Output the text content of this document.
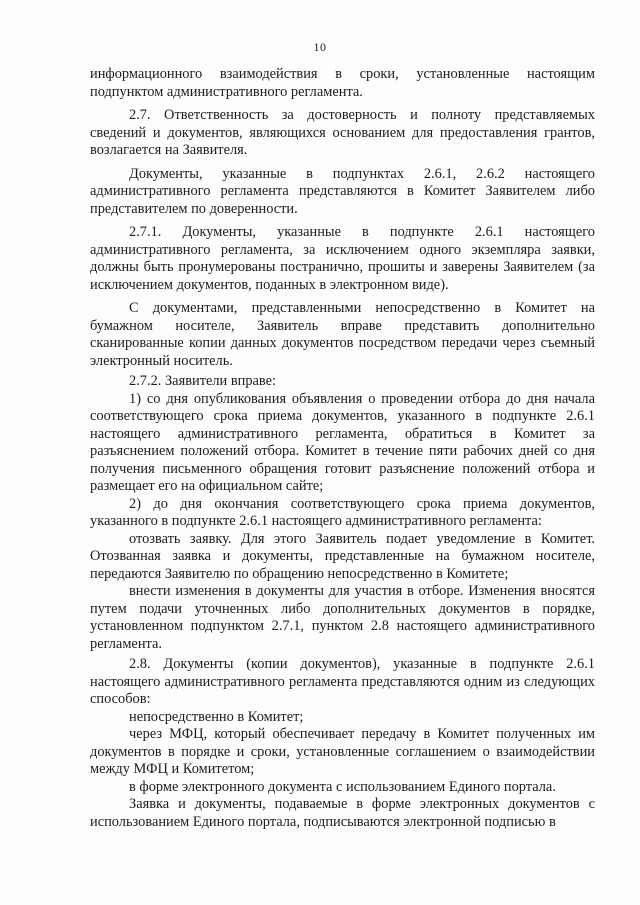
10

информационного взаимодействия в сроки, установленные настоящим подпунктом административного регламента.

2.7. Ответственность за достоверность и полноту представляемых сведений и документов, являющихся основанием для предоставления грантов, возлагается на Заявителя.

Документы, указанные в подпунктах 2.6.1, 2.6.2 настоящего административного регламента представляются в Комитет Заявителем либо представителем по доверенности.

2.7.1. Документы, указанные в подпункте 2.6.1 настоящего административного регламента, за исключением одного экземпляра заявки, должны быть пронумерованы постранично, прошиты и заверены Заявителем (за исключением документов, поданных в электронном виде).

С документами, представленными непосредственно в Комитет на бумажном носителе, Заявитель вправе представить дополнительно сканированные копии данных документов посредством передачи через съемный электронный носитель.

2.7.2. Заявители вправе:

1) со дня опубликования объявления о проведении отбора до дня начала соответствующего срока приема документов, указанного в подпункте 2.6.1 настоящего административного регламента, обратиться в Комитет за разъяснением положений отбора. Комитет в течение пяти рабочих дней со дня получения письменного обращения готовит разъяснение положений отбора и размещает его на официальном сайте;

2) до дня окончания соответствующего срока приема документов, указанного в подпункте 2.6.1 настоящего административного регламента:

отозвать заявку. Для этого Заявитель подает уведомление в Комитет. Отозванная заявка и документы, представленные на бумажном носителе, передаются Заявителю по обращению непосредственно в Комитете;

внести изменения в документы для участия в отборе. Изменения вносятся путем подачи уточненных либо дополнительных документов в порядке, установленном подпунктом 2.7.1, пунктом 2.8 настоящего административного регламента.

2.8. Документы (копии документов), указанные в подпункте 2.6.1 настоящего административного регламента представляются одним из следующих способов:

непосредственно в Комитет;

через МФЦ, который обеспечивает передачу в Комитет полученных им документов в порядке и сроки, установленные соглашением о взаимодействии между МФЦ и Комитетом;

в форме электронного документа с использованием Единого портала.

Заявка и документы, подаваемые в форме электронных документов с использованием Единого портала, подписываются электронной подписью в
